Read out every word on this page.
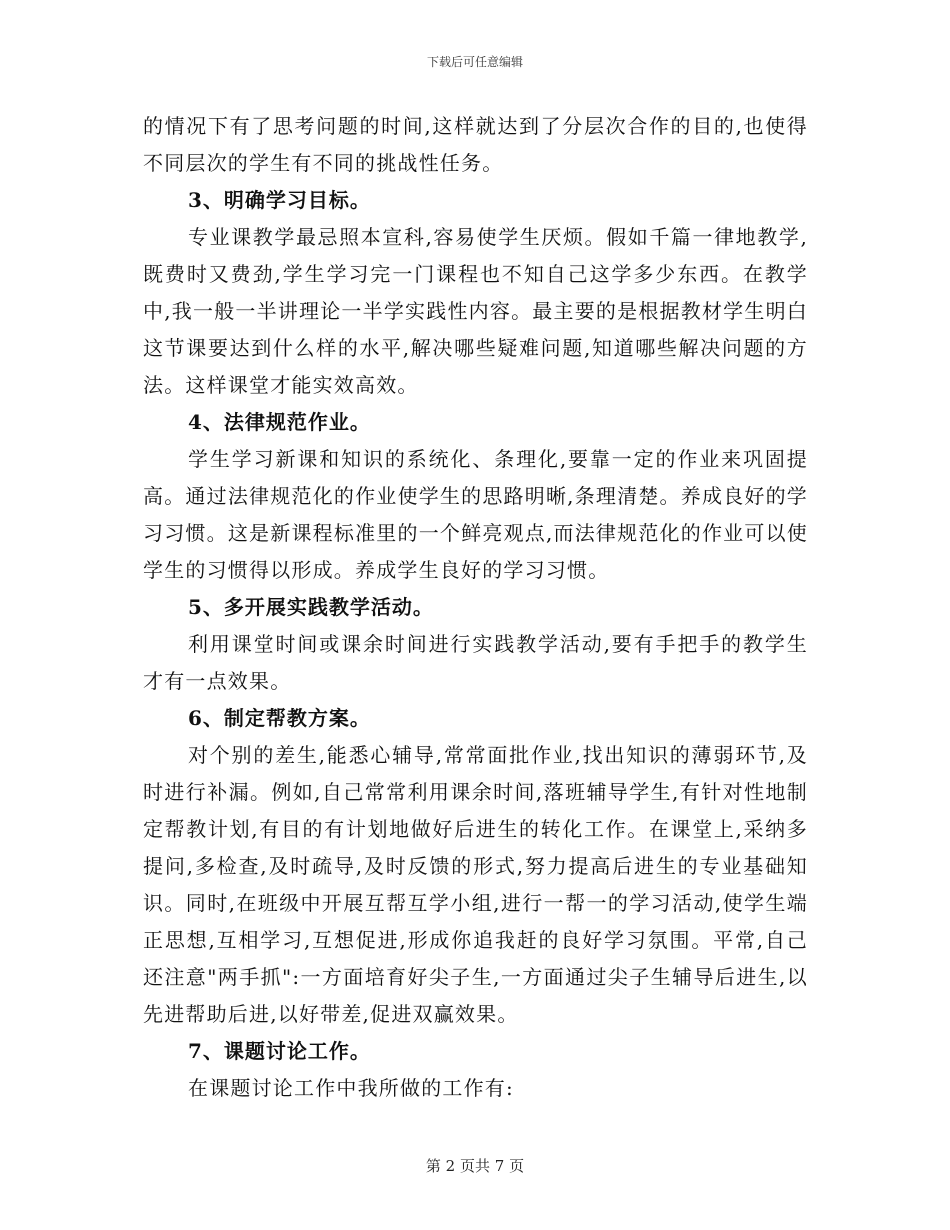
下载后可任意编辑

的情况下有了思考问题的时间,这样就达到了分层次合作的目的,也使得不同层次的学生有不同的挑战性任务。

3、明确学习目标。

专业课教学最忌照本宣科,容易使学生厌烦。假如千篇一律地教学,既费时又费劲,学生学习完一门课程也不知自己这学多少东西。在教学中,我一般一半讲理论一半学实践性内容。最主要的是根据教材学生明白这节课要达到什么样的水平,解决哪些疑难问题,知道哪些解决问题的方法。这样课堂才能实效高效。

4、法律规范作业。

学生学习新课和知识的系统化、条理化,要靠一定的作业来巩固提高。通过法律规范化的作业使学生的思路明晰,条理清楚。养成良好的学习习惯。这是新课程标准里的一个鲜亮观点,而法律规范化的作业可以使学生的习惯得以形成。养成学生良好的学习习惯。

5、多开展实践教学活动。

利用课堂时间或课余时间进行实践教学活动,要有手把手的教学生才有一点效果。

6、制定帮教方案。

对个别的差生,能悉心辅导,常常面批作业,找出知识的薄弱环节,及时进行补漏。例如,自己常常利用课余时间,落班辅导学生,有针对性地制定帮教计划,有目的有计划地做好后进生的转化工作。在课堂上,采纳多提问,多检查,及时疏导,及时反馈的形式,努力提高后进生的专业基础知识。同时,在班级中开展互帮互学小组,进行一帮一的学习活动,使学生端正思想,互相学习,互想促进,形成你追我赶的良好学习氛围。平常,自己还注意"两手抓":一方面培育好尖子生,一方面通过尖子生辅导后进生,以先进帮助后进,以好带差,促进双赢效果。

7、课题讨论工作。

在课题讨论工作中我所做的工作有:

第 2 页共 7 页
